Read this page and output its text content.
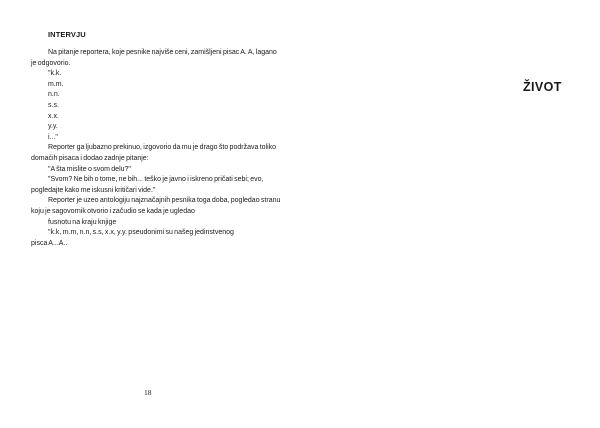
INTERVJU

Na pitanje reportera, koje pesnike najviše ceni, zamišljeni pisac A. A, lagano je odgovorio.

"k.k.

m.m.

n.n.

s.s.

x.x.

y.y.

i..."

Reporter ga ljubazno prekinuo, izgovorio da mu je drago što podržava toliko domaćih pisaca i dodao zadnje pitanje:

"A šta mislite o svom delu?"

"Svom? Ne bih o tome, ne bih... teško je javno i iskreno pričati sebi; evo, pogledajte kako me iskusni kritičari vide."

Reporter je uzeo antologiju najznačajnih pesnika toga doba, pogledao stranu koju je sagovornik otvorio i začudio se kada je ugledao

fusnotu na kraju knjige

"k.k, m.m, n.n, s.s, x.x, y.y. pseudonimi su našeg jedinstvenog

pisca A...A..

18
ŽIVOT
